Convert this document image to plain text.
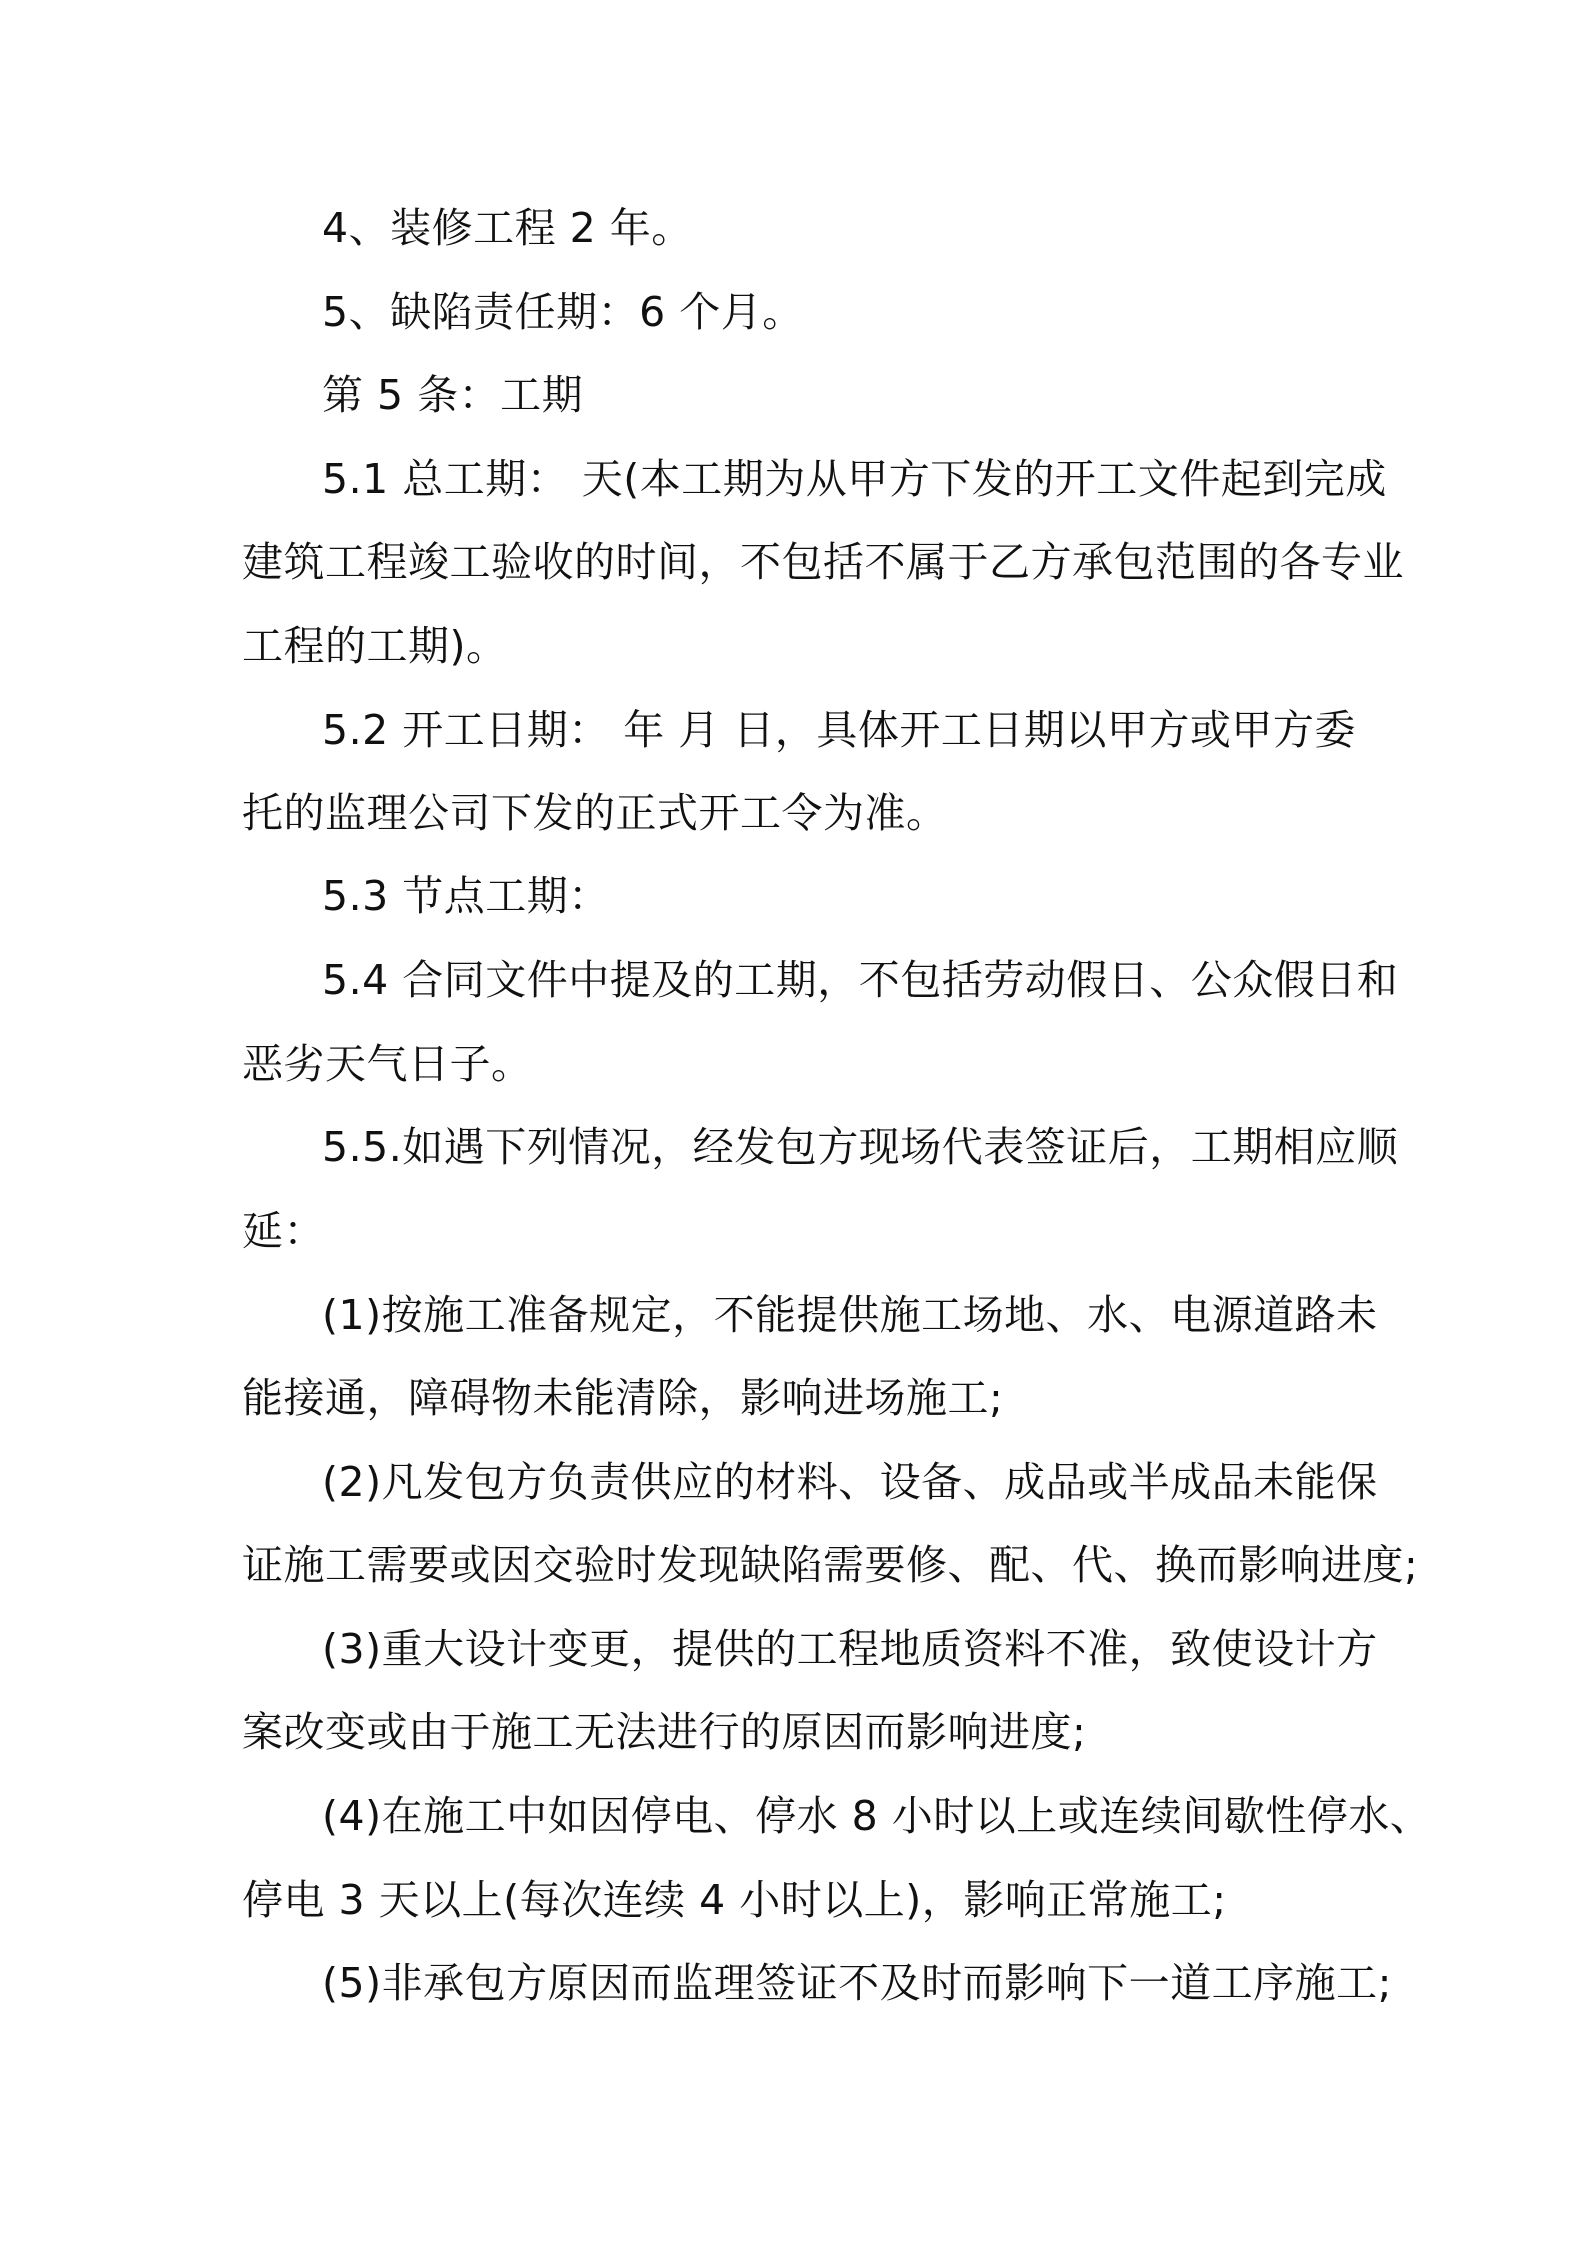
4、装修工程 2 年。
5、缺陷责任期：6 个月。
第 5 条：工期
5.1 总工期： 天(本工期为从甲方下发的开工文件起到完成
建筑工程竣工验收的时间，不包括不属于乙方承包范围的各专业
工程的工期)。
5.2 开工日期： 年 月 日，具体开工日期以甲方或甲方委
托的监理公司下发的正式开工令为准。
5.3 节点工期：
5.4 合同文件中提及的工期，不包括劳动假日、公众假日和
恶劣天气日子。
5.5.如遇下列情况，经发包方现场代表签证后，工期相应顺
延：
(1)按施工准备规定，不能提供施工场地、水、电源道路未
能接通，障碍物未能清除，影响进场施工;
(2)凡发包方负责供应的材料、设备、成品或半成品未能保
证施工需要或因交验时发现缺陷需要修、配、代、换而影响进度;
(3)重大设计变更，提供的工程地质资料不准，致使设计方
案改变或由于施工无法进行的原因而影响进度;
(4)在施工中如因停电、停水 8 小时以上或连续间歇性停水、
停电 3 天以上(每次连续 4 小时以上)，影响正常施工;
(5)非承包方原因而监理签证不及时而影响下一道工序施工;
